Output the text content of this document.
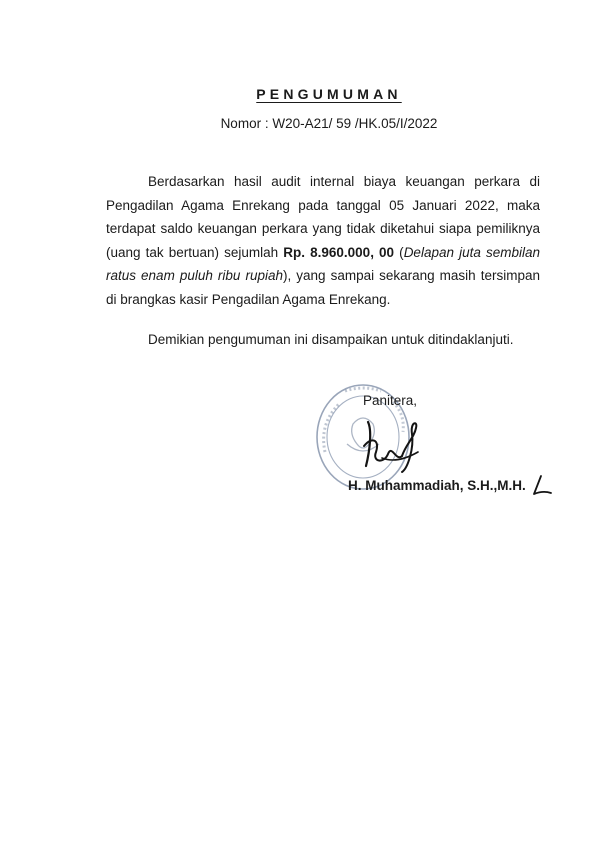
PENGUMUMAN
Nomor : W20-A21/ 59 /HK.05/I/2022

Berdasarkan hasil audit internal biaya keuangan perkara di Pengadilan Agama Enrekang pada tanggal 05 Januari 2022, maka terdapat saldo keuangan perkara yang tidak diketahui siapa pemiliknya (uang tak bertuan) sejumlah Rp. 8.960.000, 00 (Delapan juta sembilan ratus enam puluh ribu rupiah), yang sampai sekarang masih tersimpan di brangkas kasir Pengadilan Agama Enrekang.

Demikian pengumuman ini disampaikan untuk ditindaklanjuti.

Panitera,
H. Muhammadiah, S.H.,M.H.
